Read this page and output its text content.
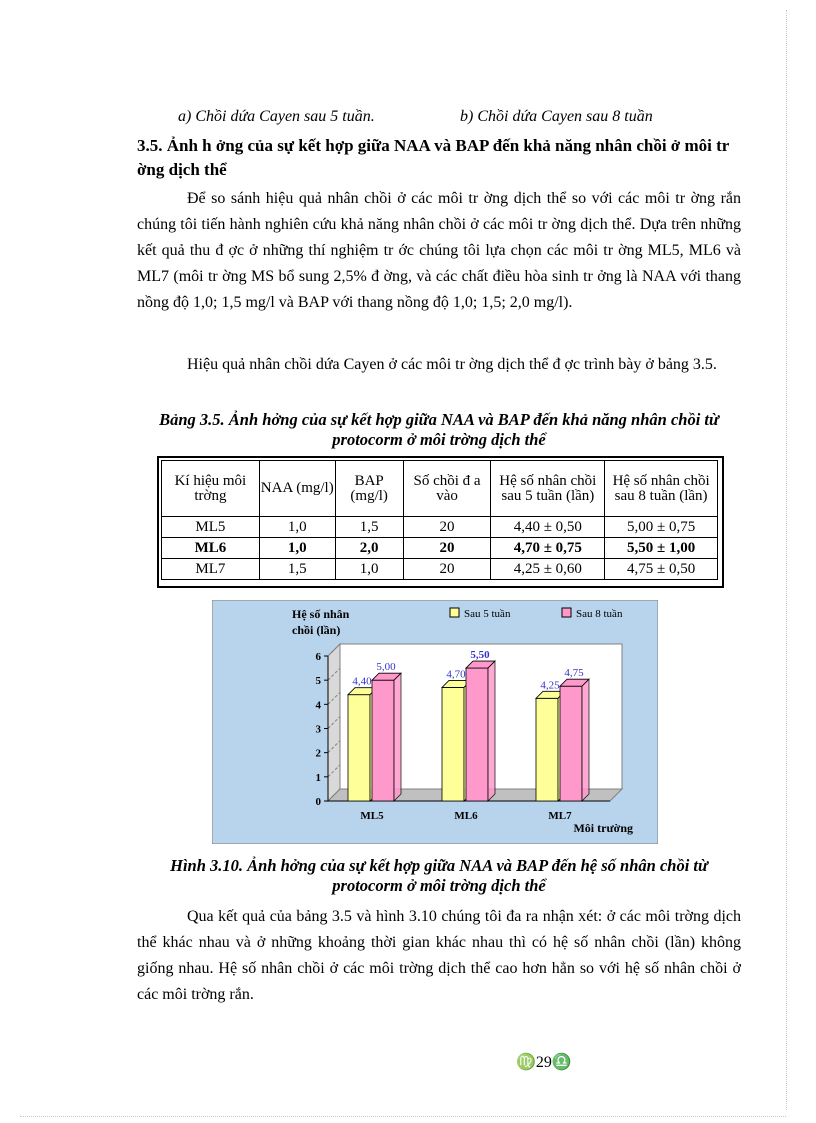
a) Chồi dứa Cayen sau 5 tuần.	b) Chồi dứa Cayen sau 8 tuần
3.5. Ảnh h ởng của sự kết hợp giữa NAA và BAP đến khả năng nhân chồi ở môi tr ờng dịch thể
Để so sánh hiệu quả nhân chồi ở các môi tr ờng dịch thể so với các môi tr ờng rắn chúng tôi tiến hành nghiên cứu khả năng nhân chồi ở các môi tr ờng dịch thể. Dựa trên những kết quả thu đ ợc ở những thí nghiệm tr ớc chúng tôi lựa chọn các môi tr ờng ML5, ML6 và ML7 (môi tr ờng MS bổ sung 2,5% đ ờng, và các chất điều hòa sinh tr ởng là NAA với thang nồng độ 1,0; 1,5 mg/l và BAP với thang nồng độ 1,0; 1,5; 2,0 mg/l).
Hiệu quả nhân chồi dứa Cayen ở các môi tr ờng dịch thể đ ợc trình bày ở bảng 3.5.
Bảng 3.5. Ảnh hởng của sự kết hợp giữa NAA và BAP đến khả năng nhân chồi từ protocorm ở môi trờng dịch thể
Kí hiệu môi trờng	NAA (mg/l)	BAP (mg/l)	Số chồi đ a vào	Hệ số nhân chồi sau 5 tuần (lần)	Hệ số nhân chồi sau 8 tuần (lần)
ML5	1,0	1,5	20	4,40 ± 0,50	5,00 ± 0,75
ML6	1,0	2,0	20	4,70 ± 0,75	5,50 ± 1,00
ML7	1,5	1,0	20	4,25 ± 0,60	4,75 ± 0,50
0
1
2
3
4
5
6
4,40
5,00
ML5
4,70
5,50
ML6
4,25
4,75
ML7
Hệ số nhân
chồi (lần)
Môi trường
Sau 5 tuần	Sau 8 tuần
Hình 3.10. Ảnh hởng của sự kết hợp giữa NAA và BAP đến hệ số nhân chồi từ protocorm ở môi trờng dịch thể
Qua kết quả của bảng 3.5 và hình 3.10 chúng tôi đa ra nhận xét: ở các môi trờng dịch thể khác nhau và ở những khoảng thời gian khác nhau thì có hệ số nhân chồi (lần) không giống nhau. Hệ số nhân chồi ở các môi trờng dịch thể cao hơn hẳn so với hệ số nhân chồi ở các môi trờng rắn.
♍29♎
